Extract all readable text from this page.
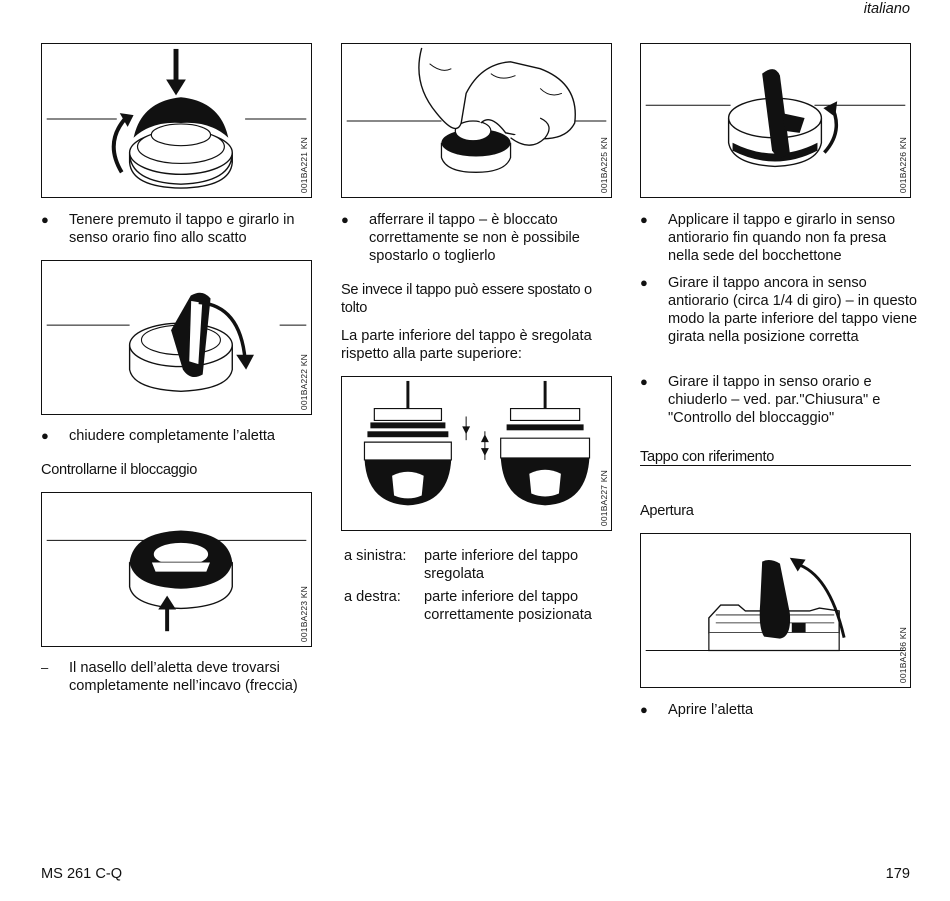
italiano
001BA221 KN
●	Tenere premuto il tappo e girarlo in senso orario fino allo scatto
001BA222 KN
●	chiudere completamente l’aletta
Controllarne il bloccaggio
001BA223 KN
–	Il nasello dell’aletta deve trovarsi completamente nell’incavo (freccia)
001BA225 KN
●	afferrare il tappo – è bloccato correttamente se non è possibile spostarlo o toglierlo
Se invece il tappo può essere spostato o tolto
La parte inferiore del tappo è sregolata rispetto alla parte superiore:
001BA227 KN
a sinistra:	parte inferiore del tappo sregolata
a destra:	parte inferiore del tappo correttamente posizionata
001BA226 KN
●	Applicare il tappo e girarlo in senso antiorario fin quando non fa presa nella sede del bocchettone
●	Girare il tappo ancora in senso antiorario (circa 1/4 di giro) – in questo modo la parte inferiore del tappo viene girata nella posizione corretta
●	Girare il tappo in senso orario e chiuderlo – ved. par."Chiusura" e "Controllo del bloccaggio"
Tappo con riferimento
Apertura
001BA236 KN
●	Aprire l’aletta
MS 261 C-Q	179
